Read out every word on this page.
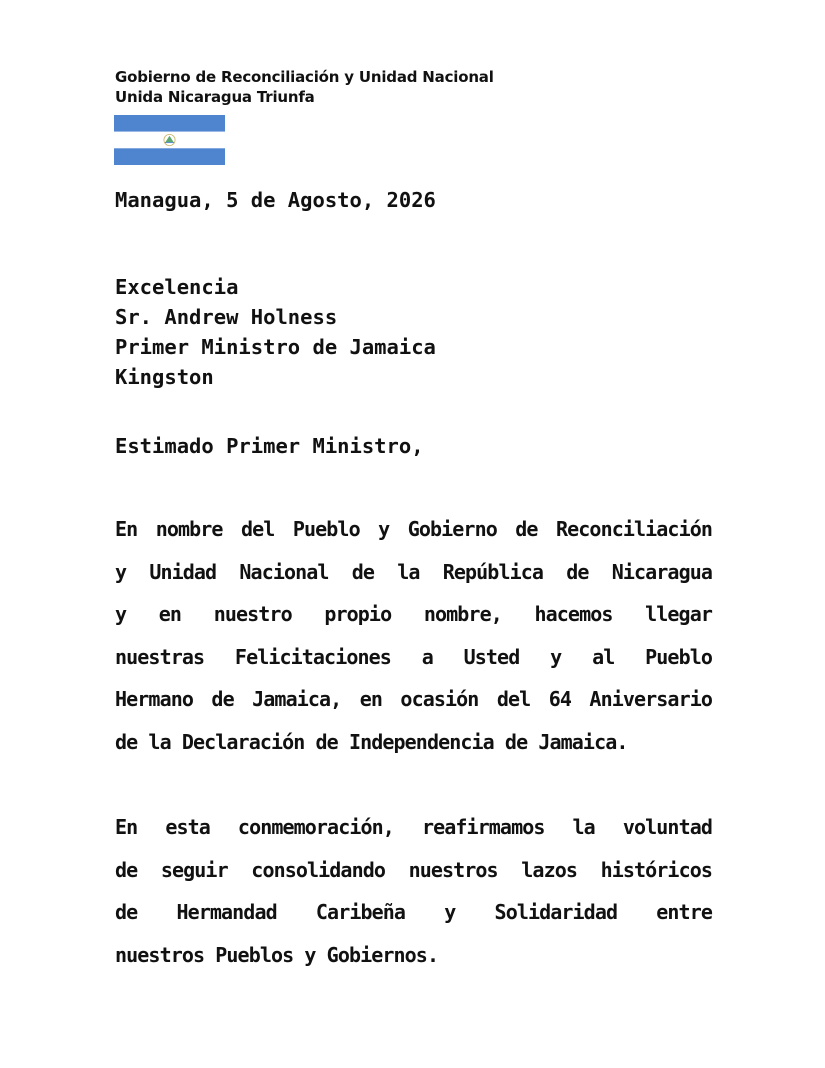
Gobierno de Reconciliación y Unidad Nacional
Unida Nicaragua Triunfa
Managua, 5 de Agosto, 2026
Excelencia
Sr. Andrew Holness
Primer Ministro de Jamaica
Kingston
Estimado Primer Ministro,
En nombre del Pueblo y Gobierno de Reconciliación
y Unidad Nacional de la República de Nicaragua
y en nuestro propio nombre, hacemos llegar
nuestras Felicitaciones a Usted y al Pueblo
Hermano de Jamaica, en ocasión del 64 Aniversario
de la Declaración de Independencia de Jamaica.
En esta conmemoración, reafirmamos la voluntad
de seguir consolidando nuestros lazos históricos
de Hermandad Caribeña y Solidaridad entre
nuestros Pueblos y Gobiernos.
